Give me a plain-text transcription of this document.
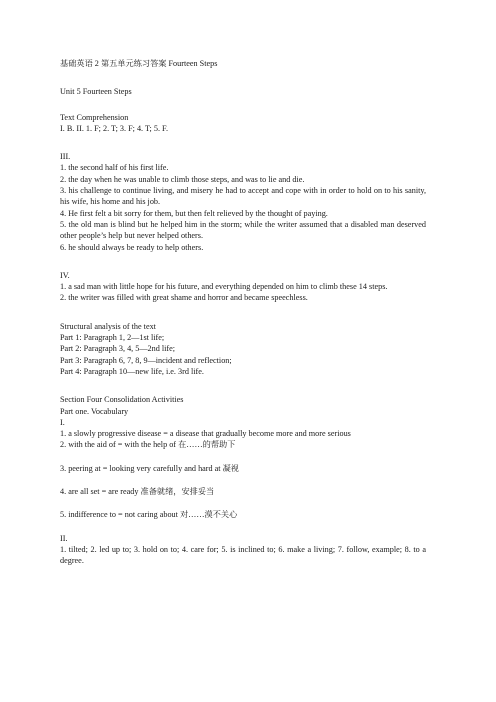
基础英语 2 第五单元练习答案 Fourteen Steps

Unit 5 Fourteen Steps

Text Comprehension

I. B. II. 1. F; 2. T; 3. F; 4. T; 5. F.

III.

1. the second half of his first life.

2. the day when he was unable to climb those steps, and was to lie and die.

3. his challenge to continue living, and misery he had to accept and cope with in order to hold on to his sanity, his wife, his home and his job.

4. He first felt a bit sorry for them, but then felt relieved by the thought of paying.

5. the old man is blind but he helped him in the storm; while the writer assumed that a disabled man deserved other people’s help but never helped others.

6. he should always be ready to help others.

IV.

1. a sad man with little hope for his future, and everything depended on him to climb these 14 steps.

2. the writer was filled with great shame and horror and became speechless.

Structural analysis of the text

Part 1: Paragraph 1, 2—1st life;

Part 2: Paragraph 3, 4, 5—2nd life;

Part 3: Paragraph 6, 7, 8, 9—incident and reflection;

Part 4: Paragraph 10—new life, i.e. 3rd life.

Section Four Consolidation Activities

Part one. Vocabulary

I.

1. a slowly progressive disease = a disease that gradually become more and more serious

2. with the aid of = with the help of 在……的帮助下

3. peering at = looking very carefully and hard at 凝视

4. are all set = are ready 准备就绪，安排妥当

5. indifference to = not caring about 对……漠不关心

II.

1. tilted; 2. led up to; 3. hold on to; 4. care for; 5. is inclined to; 6. make a living; 7. follow, example; 8. to a degree.
